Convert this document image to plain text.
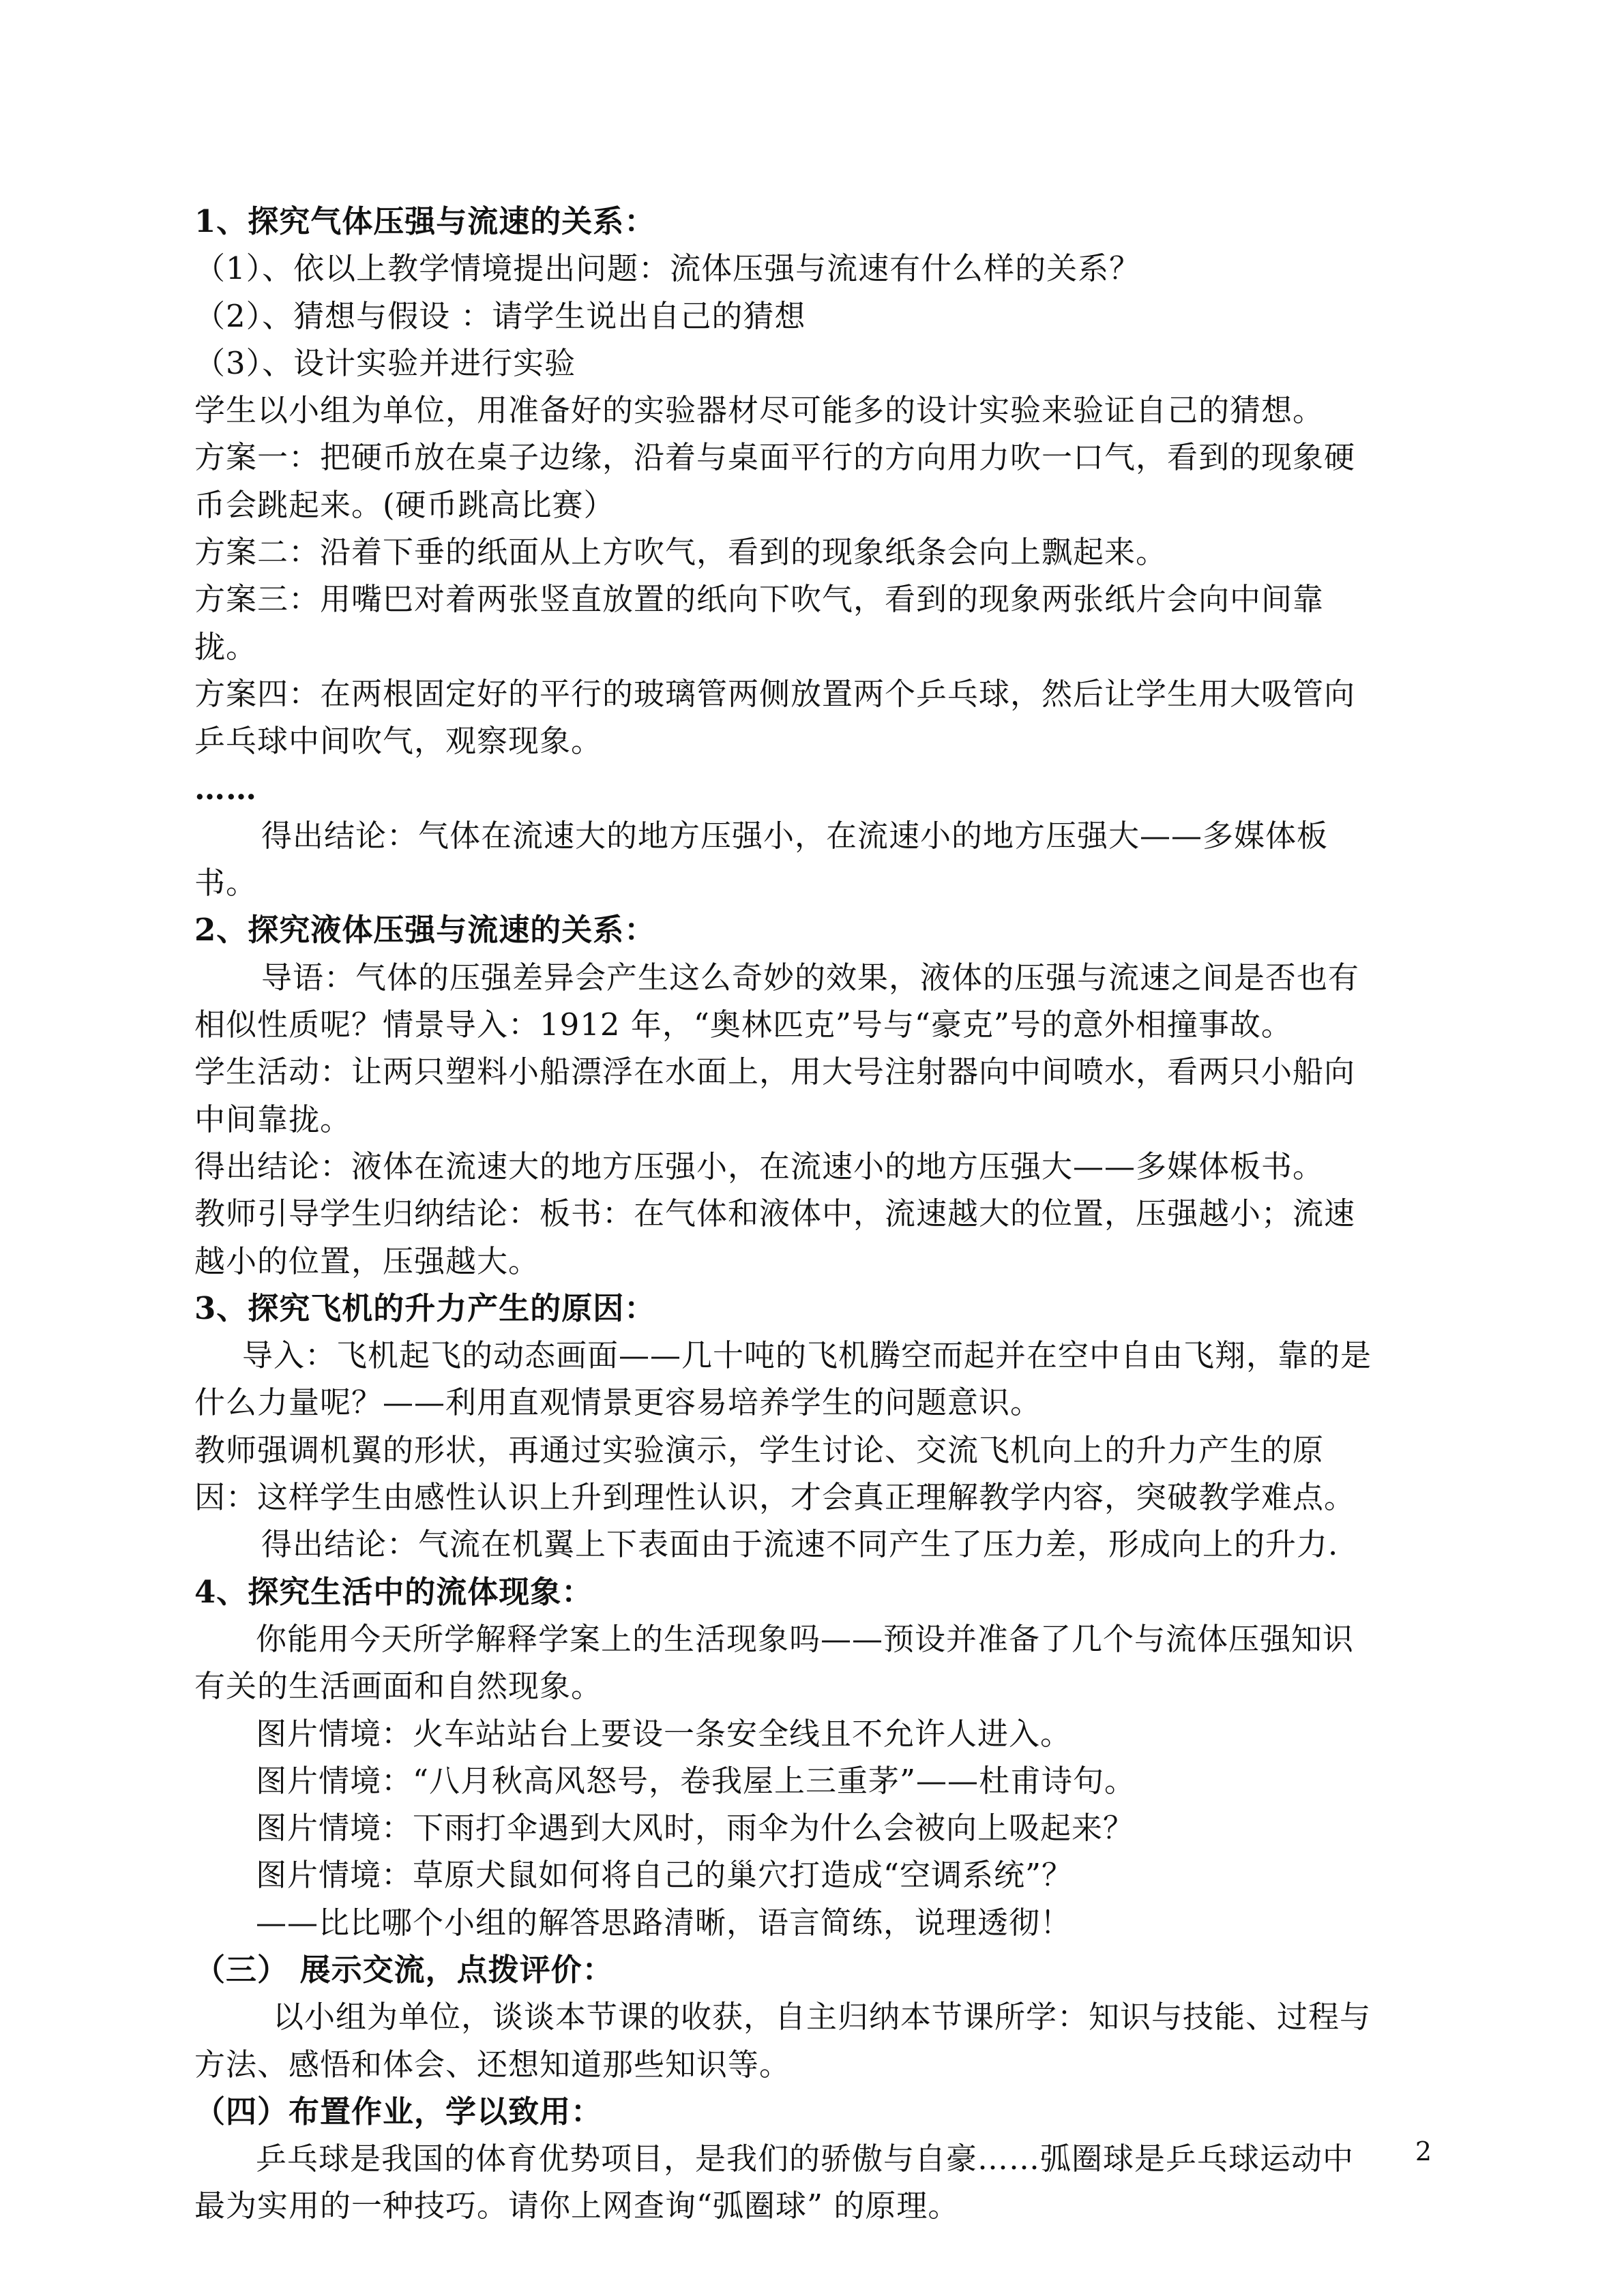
1、探究气体压强与流速的关系：
（1）、依以上教学情境提出问题：流体压强与流速有什么样的关系？
（2）、猜想与假设 ：请学生说出自己的猜想
（3）、设计实验并进行实验
学生以小组为单位，用准备好的实验器材尽可能多的设计实验来验证自己的猜想。
方案一：把硬币放在桌子边缘，沿着与桌面平行的方向用力吹一口气，看到的现象硬
币会跳起来。(硬币跳高比赛）
方案二：沿着下垂的纸面从上方吹气，看到的现象纸条会向上飘起来。
方案三：用嘴巴对着两张竖直放置的纸向下吹气，看到的现象两张纸片会向中间靠
拢。
方案四：在两根固定好的平行的玻璃管两侧放置两个乒乓球，然后让学生用大吸管向
乒乓球中间吹气，观察现象。
……
得出结论：气体在流速大的地方压强小，在流速小的地方压强大——多媒体板
书。
2、探究液体压强与流速的关系：
导语：气体的压强差异会产生这么奇妙的效果，液体的压强与流速之间是否也有
相似性质呢？情景导入：1912 年，“奥林匹克”号与“豪克”号的意外相撞事故。
学生活动：让两只塑料小船漂浮在水面上，用大号注射器向中间喷水，看两只小船向
中间靠拢。
得出结论：液体在流速大的地方压强小，在流速小的地方压强大——多媒体板书。
教师引导学生归纳结论：板书：在气体和液体中，流速越大的位置，压强越小；流速
越小的位置，压强越大。
3、探究飞机的升力产生的原因：
导入：飞机起飞的动态画面——几十吨的飞机腾空而起并在空中自由飞翔，靠的是
什么力量呢？——利用直观情景更容易培养学生的问题意识。
教师强调机翼的形状，再通过实验演示，学生讨论、交流飞机向上的升力产生的原
因：这样学生由感性认识上升到理性认识，才会真正理解教学内容，突破教学难点。
得出结论：气流在机翼上下表面由于流速不同产生了压力差，形成向上的升力.
4、探究生活中的流体现象：
你能用今天所学解释学案上的生活现象吗——预设并准备了几个与流体压强知识
有关的生活画面和自然现象。
图片情境：火车站站台上要设一条安全线且不允许人进入。
图片情境：“八月秋高风怒号，卷我屋上三重茅”——杜甫诗句。
图片情境：下雨打伞遇到大风时，雨伞为什么会被向上吸起来？
图片情境：草原犬鼠如何将自己的巢穴打造成“空调系统”？
——比比哪个小组的解答思路清晰，语言简练，说理透彻！
（三） 展示交流，点拨评价：
以小组为单位，谈谈本节课的收获，自主归纳本节课所学：知识与技能、过程与
方法、感悟和体会、还想知道那些知识等。
（四）布置作业，学以致用：
乒乓球是我国的体育优势项目，是我们的骄傲与自豪……弧圈球是乒乓球运动中
最为实用的一种技巧。请你上网查询“弧圈球” 的原理。
2
